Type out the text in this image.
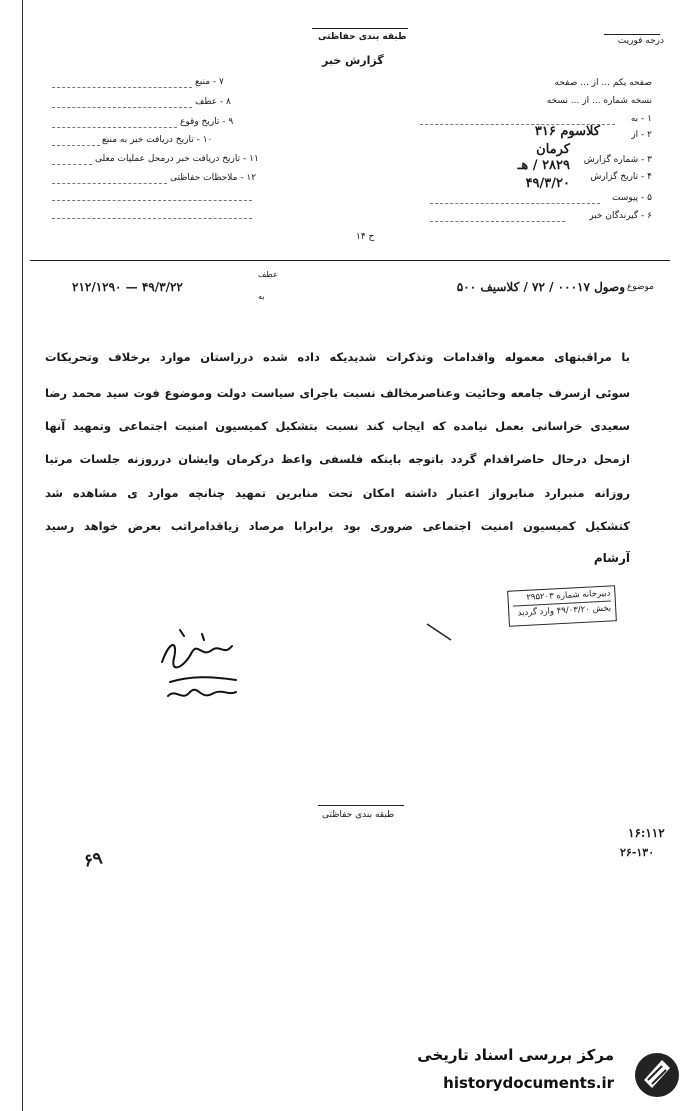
درجه فوریت
طبقه بندی حفاظتی
گزارش خبر
۷ - منبع
۸ - عطف
۹ - تاریخ وقوع
۱۰ - تاریخ دریافت خبر به منبع
۱۱ - تاریخ دریافت خبر درمحل عملیات معلی
۱۲ - ملاحظات حفاظتی
صفحه یکم ... از ... صفحه
نسخه شماره ... از ... نسخه
۱ - به
۲ - از
کلاسوم ۳۱۶
کرمان
۳ - شماره گزارش
۲۸۲۹ / هـ
۴ - تاریخ گزارش
۴۹/۳/۲۰
۵ - پیوست
۶ - گیرندگان خبر
ح ۱۴
موضوع
وصول ۰۰۰۱۷ / ۷۲ / کلاسیف ۵۰۰
عطف
به
۴۹/۳/۲۲ — ۲۱۲/۱۲۹۰
با مراقبتهای معموله واقدامات وتذکرات شدیدیکه داده شده درراستان موارد برخلاف وتحریکات
سوئی ازسرف جامعه وحائیت وعناصرمخالف نسبت باجرای سیاست دولت وموضوع فوت سید محمد رضا
سعیدی خراسانی بعمل نیامده که ایجاب کند نسبت بتشکیل کمیسیون امنیت اجتماعی وتمهید آنها
ازمحل درحال حاضراقدام گردد باتوجه باینکه فلسفی واعظ درکرمان وایشان درروزنه جلسات مرتبا
روزانه منبرارد منابرواز اعتبار داشته امکان تحت منابرین تمهید چنانچه موارد ی مشاهده شد
کتشکیل کمیسیون امنیت اجتماعی ضروری بود برابرابا مرصاد زیاقدامراتب بعرض خواهد رسید
آرشام
دبیرخانه شماره ۲۹۵۲۰۳
بخش ۴۹/۰۳/۲۰ وارد گردید
طبقه بندی حفاظتی
۱۶:۱۱۲
۲۶-۱۳۰
۶۹
مرکز بررسی اسناد تاریخی
historydocuments.ir
